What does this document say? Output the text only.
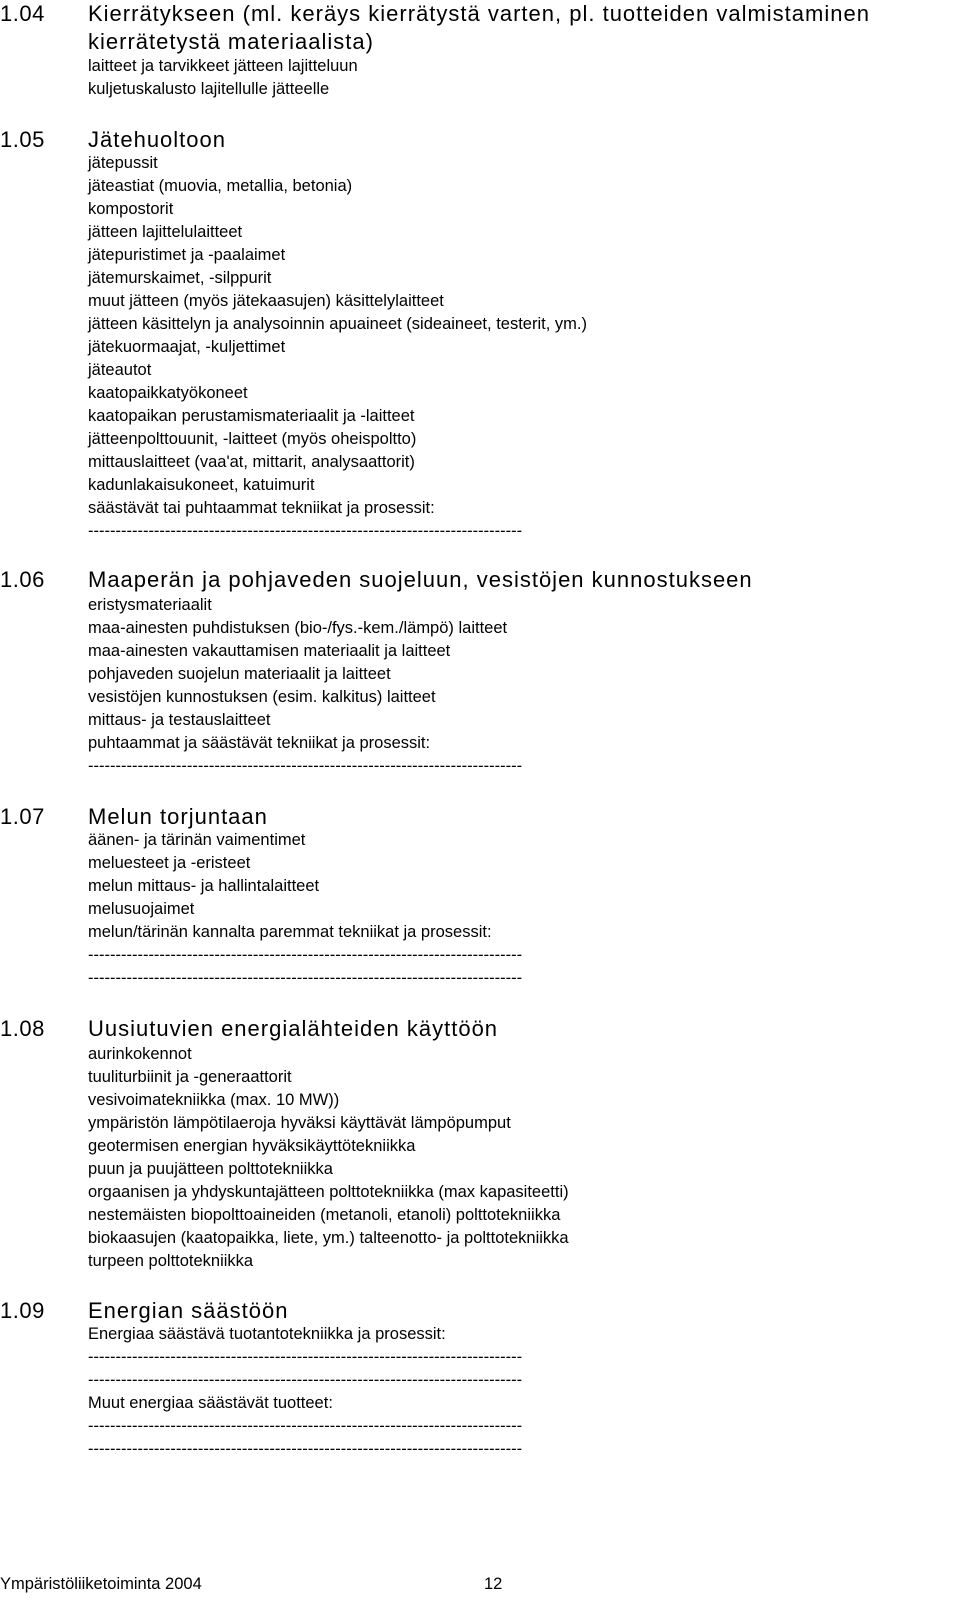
1.04 Kierrätykseen (ml. keräys kierrätystä varten, pl. tuotteiden valmistaminen
kierrätetystä materiaalista)
laitteet ja tarvikkeet jätteen lajitteluun
kuljetuskalusto lajitellulle jätteelle
1.05 Jätehuoltoon
jätepussit
jäteastiat (muovia, metallia, betonia)
kompostorit
jätteen lajittelulaitteet
jätepuristimet ja -paalaimet
jätemurskaimet, -silppurit
muut jätteen (myös jätekaasujen) käsittelylaitteet
jätteen käsittelyn ja analysoinnin apuaineet (sideaineet, testerit, ym.)
jätekuormaajat, -kuljettimet
jäteautot
kaatopaikkatyökoneet
kaatopaikan perustamismateriaalit ja -laitteet
jätteenpolttouunit, -laitteet (myös oheispoltto)
mittauslaitteet (vaa'at, mittarit, analysaattorit)
kadunlakaisukoneet, katuimurit
säästävät tai puhtaammat tekniikat ja prosessit:
-------------------------------------------------------------------------------
1.06 Maaperän ja pohjaveden suojeluun, vesistöjen kunnostukseen
eristysmateriaalit
maa-ainesten puhdistuksen (bio-/fys.-kem./lämpö) laitteet
maa-ainesten vakauttamisen materiaalit ja laitteet
pohjaveden suojelun materiaalit ja laitteet
vesistöjen kunnostuksen (esim. kalkitus) laitteet
mittaus- ja testauslaitteet
puhtaammat ja säästävät tekniikat ja prosessit:
-------------------------------------------------------------------------------
1.07 Melun torjuntaan
äänen- ja tärinän vaimentimet
meluesteet ja -eristeet
melun mittaus- ja hallintalaitteet
melusuojaimet
melun/tärinän kannalta paremmat tekniikat ja prosessit:
-------------------------------------------------------------------------------
-------------------------------------------------------------------------------
1.08 Uusiutuvien energialähteiden käyttöön
aurinkokennot
tuuliturbiinit ja -generaattorit
vesivoimatekniikka (max. 10 MW))
ympäristön lämpötilaeroja hyväksi käyttävät lämpöpumput
geotermisen energian hyväksikäyttötekniikka
puun ja puujätteen polttotekniikka
orgaanisen ja yhdyskuntajätteen polttotekniikka (max kapasiteetti)
nestemäisten biopolttoaineiden (metanoli, etanoli) polttotekniikka
biokaasujen (kaatopaikka, liete, ym.) talteenotto- ja polttotekniikka
turpeen polttotekniikka
1.09 Energian säästöön
Energiaa säästävä tuotantotekniikka ja prosessit:
-------------------------------------------------------------------------------
-------------------------------------------------------------------------------
Muut energiaa säästävät tuotteet:
-------------------------------------------------------------------------------
-------------------------------------------------------------------------------
Ympäristöliiketoiminta 2004	12
